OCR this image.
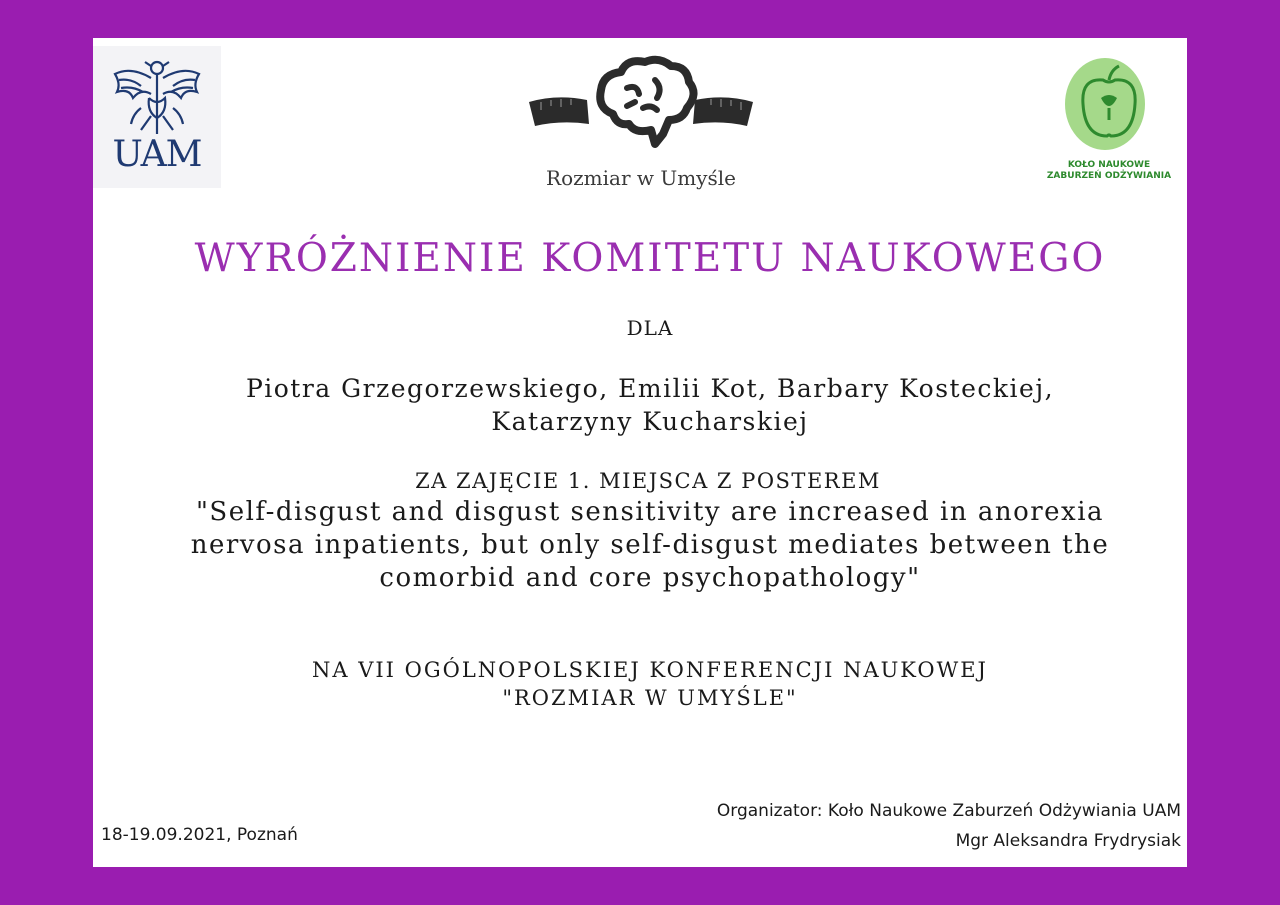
UAM
Rozmiar w Umyśle
KOŁO NAUKOWE
ZABURZEŃ ODŻYWIANIA
WYRÓŻNIENIE KOMITETU NAUKOWEGO
DLA
Piotra Grzegorzewskiego, Emilii Kot, Barbary Kosteckiej,
Katarzyny Kucharskiej
ZA ZAJĘCIE 1. MIEJSCA Z POSTEREM
"Self-disgust and disgust sensitivity are increased in anorexia
nervosa inpatients, but only self-disgust mediates between the
comorbid and core psychopathology"
NA VII OGÓLNOPOLSKIEJ KONFERENCJI NAUKOWEJ
"ROZMIAR W UMYŚLE"
18-19.09.2021, Poznań
Organizator: Koło Naukowe Zaburzeń Odżywiania UAM
Mgr Aleksandra Frydrysiak
